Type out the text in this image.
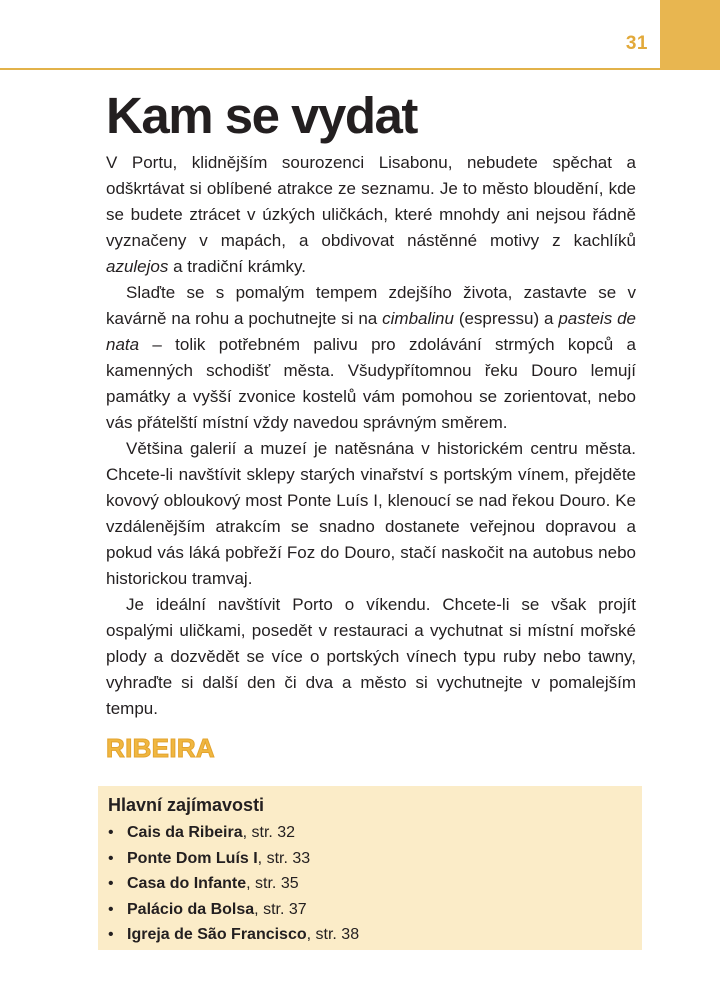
31
Kam se vydat

V Portu, klidnějším sourozenci Lisabonu, nebudete spěchat a odškrtávat si oblíbené atrakce ze seznamu. Je to město bloudění, kde se budete ztrácet v úzkých uličkách, které mnohdy ani nejsou řádně vyznačeny v mapách, a obdivovat nástěnné motivy z kachlíků azulejos a tradiční krámky.

Slaďte se s pomalým tempem zdejšího života, zastavte se v kavárně na rohu a pochutnejte si na cimbalinu (espressu) a pasteis de nata – tolik potřebném palivu pro zdolávání strmých kopců a kamenných schodišť města. Všudypřítomnou řeku Douro lemují památky a vyšší zvonice kostelů vám pomohou se zorientovat, nebo vás přátelští místní vždy navedou správným směrem.

Většina galerií a muzeí je natěsnána v historickém centru města. Chcete-li navštívit sklepy starých vinařství s portským vínem, přejděte kovový obloukový most Ponte Luís I, klenoucí se nad řekou Douro. Ke vzdálenějším atrakcím se snadno dostanete veřejnou dopravou a pokud vás láká pobřeží Foz do Douro, stačí naskočit na autobus nebo historickou tramvaj.

Je ideální navštívit Porto o víkendu. Chcete-li se však projít ospalými uličkami, posedět v restauraci a vychutnat si místní mořské plody a dozvědět se více o portských vínech typu ruby nebo tawny, vyhraďte si další den či dva a město si vychutnejte v pomalejším tempu.

RIBEIRA
Hlavní zajímavosti
• Cais da Ribeira, str. 32
• Ponte Dom Luís I, str. 33
• Casa do Infante, str. 35
• Palácio da Bolsa, str. 37
• Igreja de São Francisco, str. 38
